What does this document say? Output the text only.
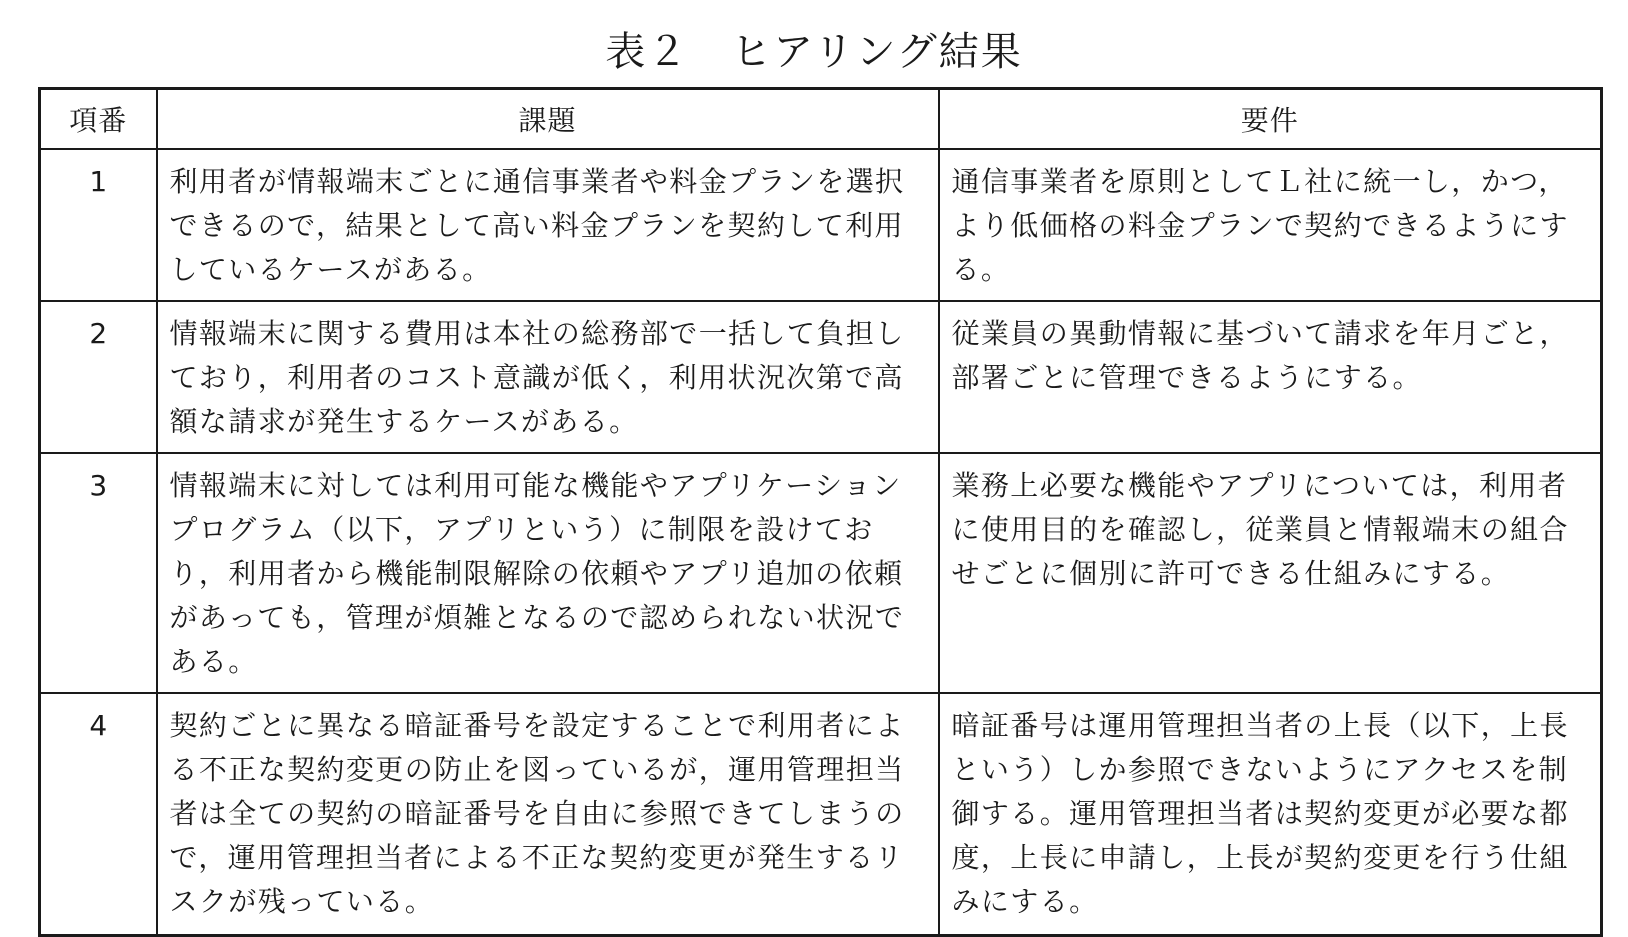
表２　ヒアリング結果
項番	課題	要件
1	利用者が情報端末ごとに通信事業者や料金プランを選択できるので，結果として高い料金プランを契約して利用しているケースがある。	通信事業者を原則としてＬ社に統一し，かつ，より低価格の料金プランで契約できるようにする。
2	情報端末に関する費用は本社の総務部で一括して負担しており，利用者のコスト意識が低く，利用状況次第で高額な請求が発生するケースがある。	従業員の異動情報に基づいて請求を年月ごと，部署ごとに管理できるようにする。
3	情報端末に対しては利用可能な機能やアプリケーションプログラム（以下，アプリという）に制限を設けており，利用者から機能制限解除の依頼やアプリ追加の依頼があっても，管理が煩雑となるので認められない状況である。	業務上必要な機能やアプリについては，利用者に使用目的を確認し，従業員と情報端末の組合せごとに個別に許可できる仕組みにする。
4	契約ごとに異なる暗証番号を設定することで利用者による不正な契約変更の防止を図っているが，運用管理担当者は全ての契約の暗証番号を自由に参照できてしまうので，運用管理担当者による不正な契約変更が発生するリスクが残っている。	暗証番号は運用管理担当者の上長（以下，上長という）しか参照できないようにアクセスを制御する。運用管理担当者は契約変更が必要な都度，上長に申請し，上長が契約変更を行う仕組みにする。
